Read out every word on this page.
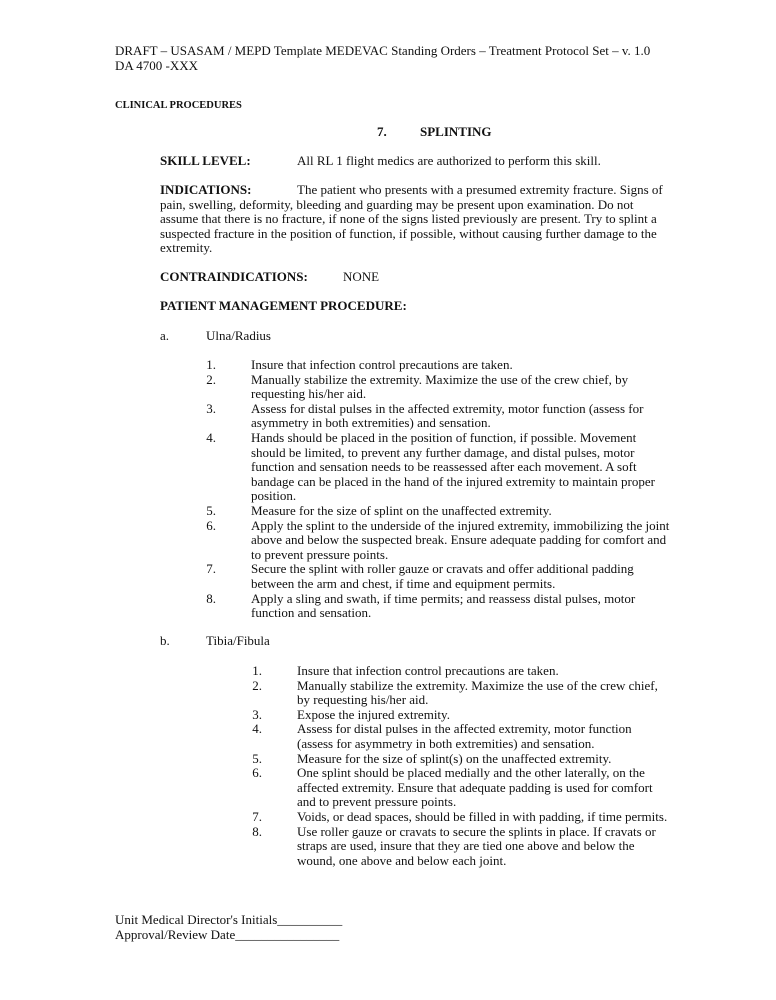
DRAFT – USASAM / MEPD Template MEDEVAC Standing Orders – Treatment Protocol Set – v. 1.0
DA 4700 -XXX
CLINICAL PROCEDURES
7.	SPLINTING
SKILL LEVEL:	All RL 1 flight medics are authorized to perform this skill.
INDICATIONS:	The patient who presents with a presumed extremity fracture. Signs of
pain, swelling, deformity, bleeding and guarding may be present upon examination. Do not
assume that there is no fracture, if none of the signs listed previously are present. Try to splint a
suspected fracture in the position of function, if possible, without causing further damage to the
extremity.
CONTRAINDICATIONS:	NONE
PATIENT MANAGEMENT PROCEDURE:
a.	Ulna/Radius
1.	Insure that infection control precautions are taken.
2.	Manually stabilize the extremity. Maximize the use of the crew chief, by
requesting his/her aid.
3.	Assess for distal pulses in the affected extremity, motor function (assess for
asymmetry in both extremities) and sensation.
4.	Hands should be placed in the position of function, if possible. Movement
should be limited, to prevent any further damage, and distal pulses, motor
function and sensation needs to be reassessed after each movement. A soft
bandage can be placed in the hand of the injured extremity to maintain proper
position.
5.	Measure for the size of splint on the unaffected extremity.
6.	Apply the splint to the underside of the injured extremity, immobilizing the joint
above and below the suspected break. Ensure adequate padding for comfort and
to prevent pressure points.
7.	Secure the splint with roller gauze or cravats and offer additional padding
between the arm and chest, if time and equipment permits.
8.	Apply a sling and swath, if time permits; and reassess distal pulses, motor
function and sensation.
b.	Tibia/Fibula
1.	Insure that infection control precautions are taken.
2.	Manually stabilize the extremity. Maximize the use of the crew chief,
by requesting his/her aid.
3.	Expose the injured extremity.
4.	Assess for distal pulses in the affected extremity, motor function
(assess for asymmetry in both extremities) and sensation.
5.	Measure for the size of splint(s) on the unaffected extremity.
6.	One splint should be placed medially and the other laterally, on the
affected extremity. Ensure that adequate padding is used for comfort
and to prevent pressure points.
7.	Voids, or dead spaces, should be filled in with padding, if time permits.
8.	Use roller gauze or cravats to secure the splints in place. If cravats or
straps are used, insure that they are tied one above and below the
wound, one above and below each joint.
Unit Medical Director's Initials__________
Approval/Review Date________________
